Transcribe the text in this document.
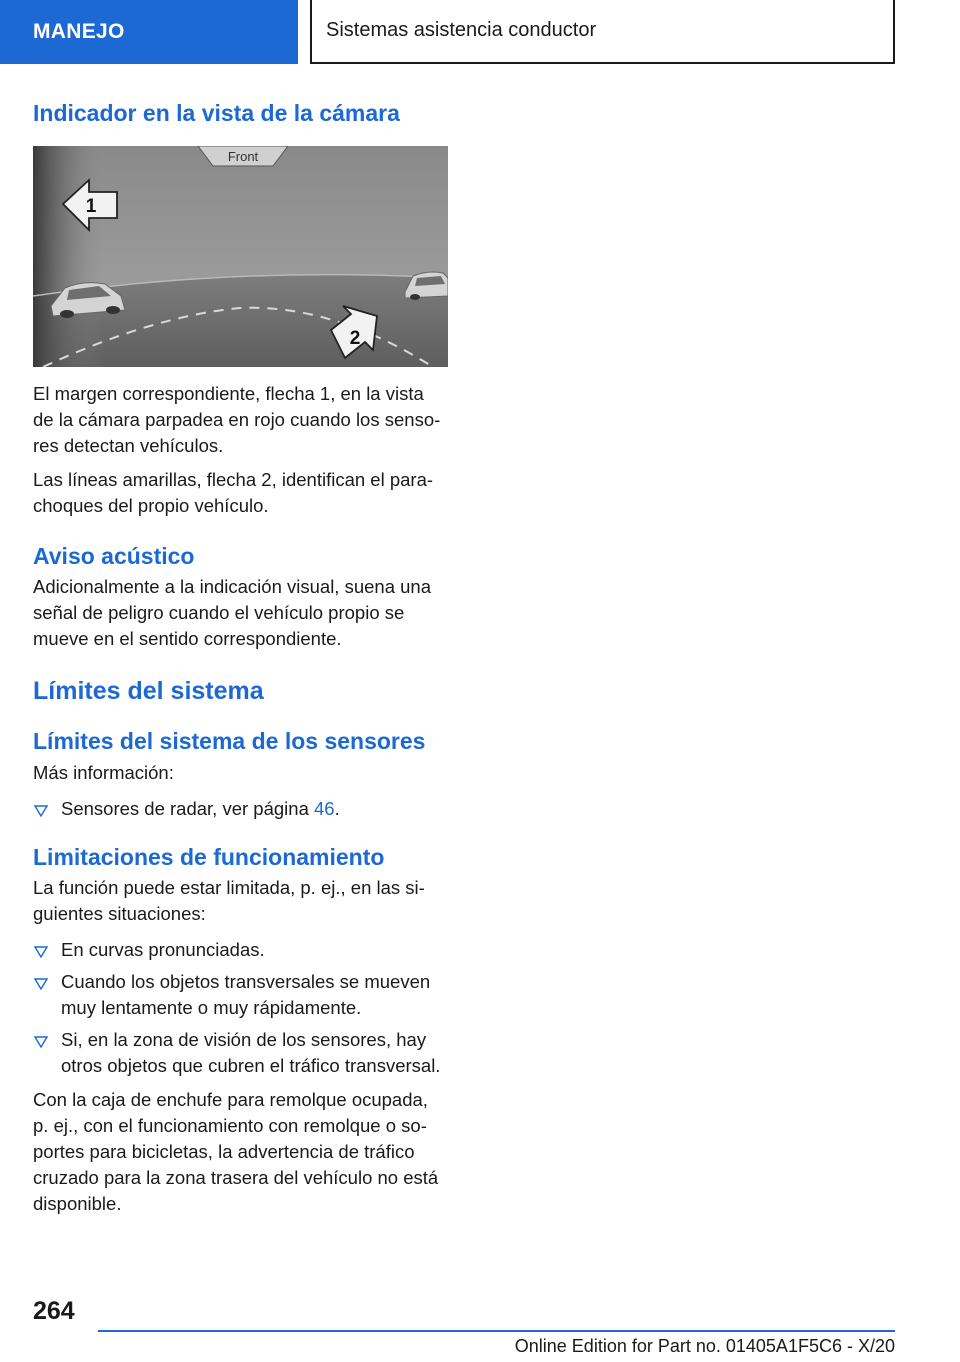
MANEJO	Sistemas asistencia conductor
Indicador en la vista de la cámara
Front
1
2

El margen correspondiente, flecha 1, en la vista de la cámara parpadea en rojo cuando los sensores detectan vehículos.

Las líneas amarillas, flecha 2, identifican el parachoques del propio vehículo.

Aviso acústico

Adicionalmente a la indicación visual, suena una señal de peligro cuando el vehículo propio se mueve en el sentido correspondiente.

Límites del sistema
Límites del sistema de los sensores

Más información:

Sensores de radar, ver página 46.
Limitaciones de funcionamiento

La función puede estar limitada, p. ej., en las siguientes situaciones:

En curvas pronunciadas.
Cuando los objetos transversales se mueven muy lentamente o muy rápidamente.
Si, en la zona de visión de los sensores, hay otros objetos que cubren el tráfico transversal.

Con la caja de enchufe para remolque ocupada, p. ej., con el funcionamiento con remolque o soportes para bicicletas, la advertencia de tráfico cruzado para la zona trasera del vehículo no está disponible.

264
Online Edition for Part no. 01405A1F5C6 - X/20
